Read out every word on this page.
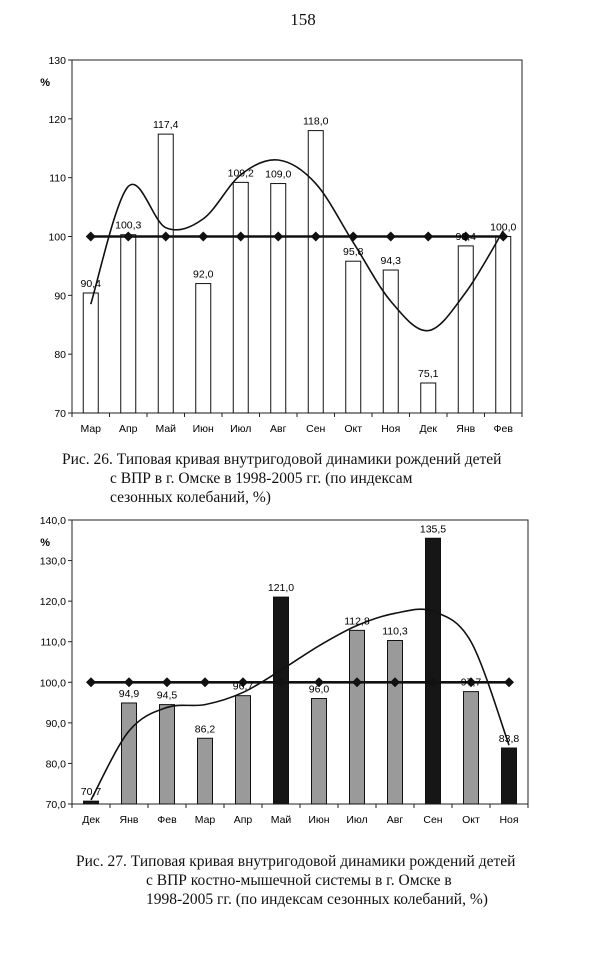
158
%
70
80
90
100
110
120
130
Мар Апр Май Июн Июл Авг Сен Окт Ноя Дек Янв Фев
90,4
100,3
117,4
92,0
109,2 109,0
118,0
95,8
94,3
75,1
98,4
100,0
Рис. 26. Типовая кривая внутригодовой динамики рождений детей
с ВПР в г. Омске в 1998-2005 гг. (по индексам
сезонных колебаний, %)
%
70,0
80,0
90,0
100,0
110,0
120,0
130,0
140,0
Дек Янв Фев Мар Апр Май Июн Июл Авг Сен Окт Ноя
70,7
94,9 94,5
86,2
96,7
121,0
96,0
112,8
110,3
135,5
97,7
83,8
Рис. 27. Типовая кривая внутригодовой динамики рождений детей
с ВПР костно-мышечной системы в г. Омске в
1998-2005 гг. (по индексам сезонных колебаний, %)
